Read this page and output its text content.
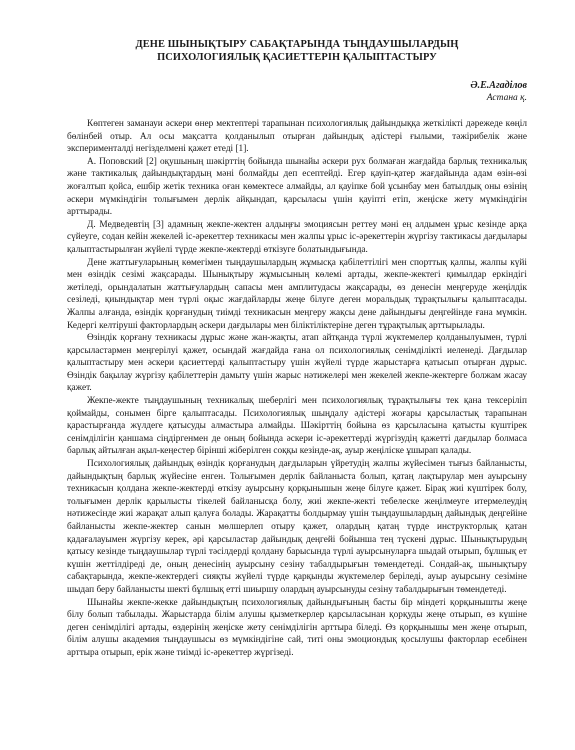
ДЕНЕ ШЫНЫҚТЫРУ САБАҚТАРЫНДА ТЫҢДАУШЫЛАРДЫҢ
ПСИХОЛОГИЯЛЫҚ ҚАСИЕТТЕРІН ҚАЛЫПТАСТЫРУ
Ә.Е.Агадiлов
Астана қ.

Көптеген заманауи әскери өнер мектептері тарапынан психологиялық дайындыққа жеткiлiктi дәрежеде көңіл бөлінбей отыр. Ал осы мақсатта қолданылып отырған дайындық әдістері ғылыми, тәжірибелік және эксперименталді негiзделмені қажет етеді [1].

А. Поповский [2] оқушының шәкірттің бойында шынайы әскери рух болмаған жағдайда барлық техникалық және тактикалық дайындықтардың мәні болмайды деп есептейді. Егер қауіп-қатер жағдайында адам өзін-өзі жоғалтып қойса, ешбір жетік техника оған көмектесе алмайды, ал қауіпке бой ұсынбау мен батылдық оны өзінің әскери мүмкіндігін толығымен дерлік айқындап, қарсыласы үшін қауіпті етіп, жеңіске жету мүмкіндігін арттырады.

Д. Медведевтің [3] адамның жекпе-жектен алдыңғы эмоциясын реттеу мәні ең алдымен ұрыс кезінде арқа сүйеуге, содан кейін жекелей іс-әрекеттер техникасы мен жалпы ұрыс іс-әрекеттерін жүргізу тактикасы дағдылары қалыптастырылған жүйелі түрде жекпе-жектерді өткізуге болатындығында.

Дене жаттығуларының көмегімен тыңдаушылардың жұмысқа қабілеттілігі мен спорттық қалпы, жалпы күйі мен өзіндік сезімі жақсарады. Шынықтыру жұмысының көлемі артады, жекпе-жектегі қимылдар еркіндігі жетіледі, орындалатын жаттығулардың сапасы мен амплитудасы жақсарады, өз денесін меңгеруде жеңілдік сезіледі, қиындықтар мен түрлі оқыс жағдайларды жеңе білуге деген моральдық тұрақтылығы қалыптасады. Жалпы алғанда, өзіндік қорғанудың тиімді техникасын меңгеру жақсы дене дайындығы деңгейінде ғана мүмкін. Кедергі келтіруші факторлардың әскери дағдылары мен біліктіліктеріне деген тұрақтылық арттырылады.

Өзіндік қорғану техникасы дұрыс және жан-жақты, атап айтқанда түрлі жүктемелер қолданылуымен, түрлі қарсыластармен меңгерілуі қажет, осындай жағдайда ғана ол психологиялық сенімділікті иеленеді. Дағдылар қалыптастыру мен әскери қасиеттерді қалыптастыру үшін жүйелі түрде жарыстарға қатысып отырған дұрыс. Өзіндік бақылау жүргізу қабілеттерін дамыту үшін жарыс нәтижелері мен жекелей жекпе-жектерге болжам жасау қажет.

Жекпе-жекте тыңдаушының техникалық шеберлігі мен психологиялық тұрақтылығы тек қана тексеріліп қоймайды, сонымен бірге қалыптасады. Психологиялық шыңдалу әдістері жоғары қарсыластық тарапынан қарастырғанда жүлдеге қатысуды алмастыра алмайды. Шәкірттің бойына өз қарсыласына қатысты күштірек сенімділігін қаншама сіңдіргенмен де оның бойында әскери іс-әрекеттерді жүргізудің қажетті дағдылар болмаса барлық айтылған ақыл-кеңестер бірінші жіберілген соққы кезінде-ақ, ауыр жеңіліске ұшырап қалады.

Психологиялық дайындық өзіндік қорғанудың дағдыларын үйретудің жалпы жүйесімен тығыз байланысты, дайындықтың барлық жүйесіне енген. Толығымен дерлік байланыста болып, қатаң лақтырулар мен ауырсыну техникасын қолдана жекпе-жектерді өткізу ауырсыну қорқынышын жеңе білуге қажет. Бірақ жиі күштірек болу, толығымен дерлік қарылысты тікелей байланысқа болу, жиі жекпе-жекті тебелеске жеңілмеуге итермелеудің нәтижесінде жиі жарақат алып қалуға болады. Жарақатты болдырмау үшін тыңдаушылардың дайындық деңгейіне байланысты жекпе-жектер санын мөлшерлеп отыру қажет, олардың қатаң түрде инструкторлық қатан қадағалауымен жүргізу керек, әрі қарсыластар дайындық деңгейі бойынша тең түскені дұрыс. Шынықтырудың қатысу кезінде тыңдаушылар түрлі тәсілдерді қолдану барысында түрлі ауырсынуларға шыдай отырып, бұлшық ет күшін жеттілдіреді де, оның денесінің ауырсыну сезіну табалдырығын төмендетеді. Сондай-ақ, шынықтыру сабақтарында, жекпе-жектердегі сияқты жүйелі түрде қарқынды жүктемелер беріледі, ауыр ауырсыну сезіміне шыдап беру байланысты шекті бұлшық етті шиыршу олардың ауырсынуды сезіну табалдырығын төмендетеді.

Шынайы жекпе-жекке дайындықтың психологиялық дайындығының басты бір міндеті қорқынышты жеңе білу болып табылады. Жарыстарда білім алушы қызметкерлер қарсыласынан қорқуды жеңе отырып, өз күшіне деген сенімділігі артады, өздерінің жеңіске жету сенімділігін арттыра біледі. Өз қорқынышы мен жеңе отырып, білім алушы академия тыңдаушысы өз мүмкіндігіне сай, титі оны эмоциондық қосылушы факторлар есебінен арттыра отырып, ерік және тиімді іс-әрекеттер жүргізеді.
